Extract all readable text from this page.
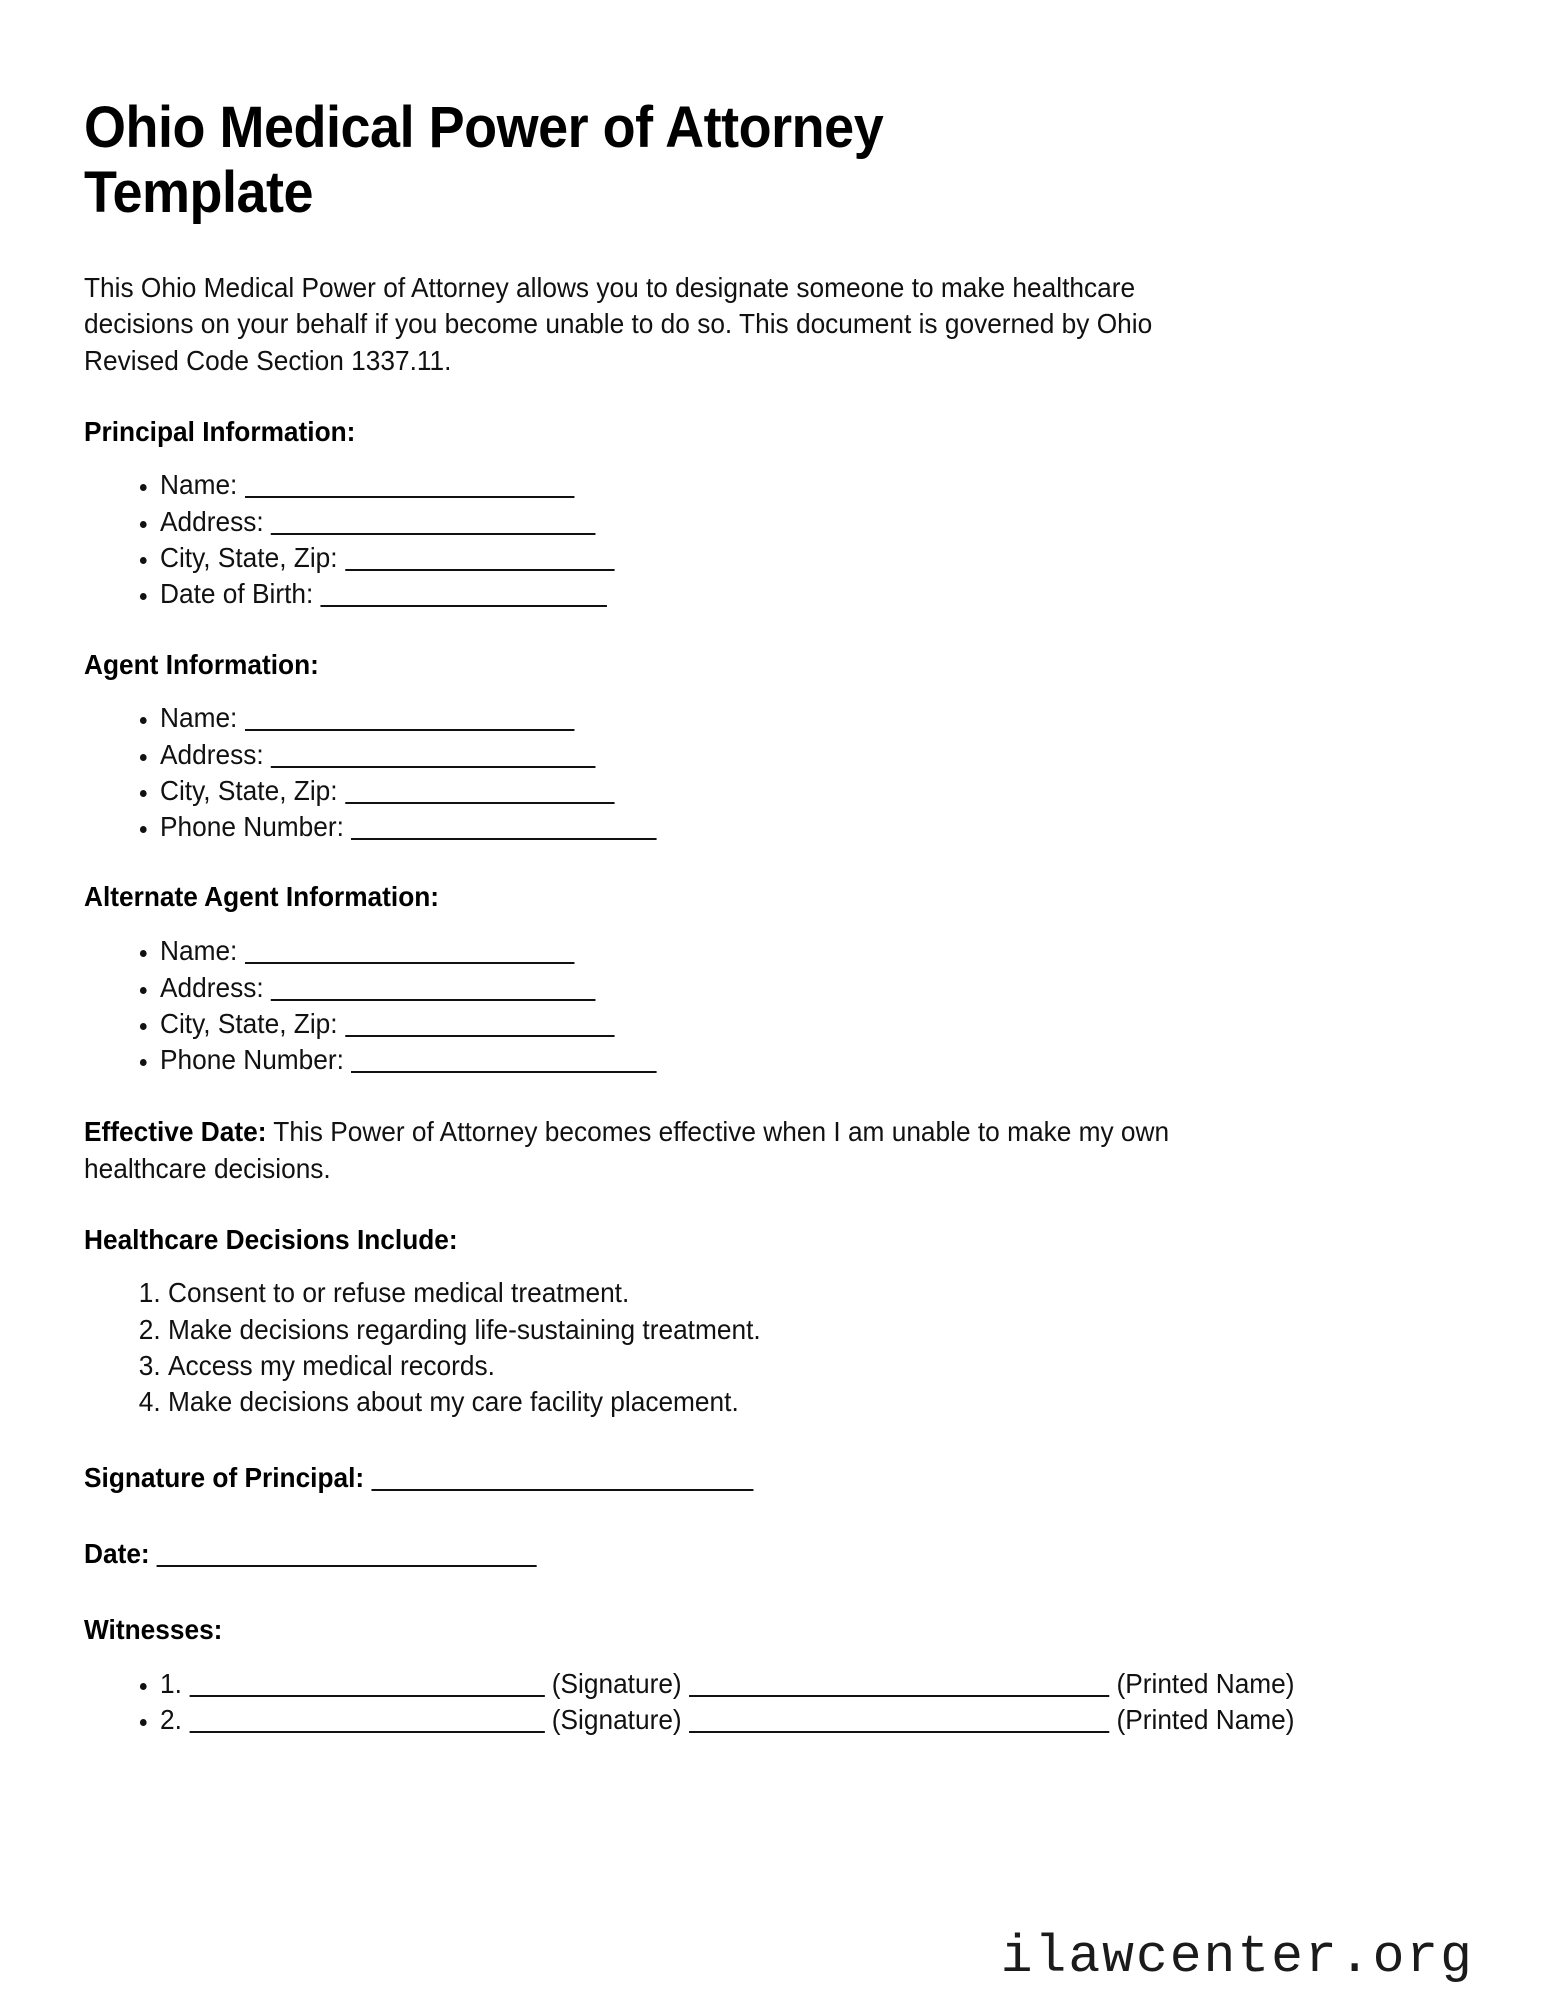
Ohio Medical Power of Attorney Template

This Ohio Medical Power of Attorney allows you to designate someone to make healthcare decisions on your behalf if you become unable to do so. This document is governed by Ohio Revised Code Section 1337.11.

Principal Information:
• Name:
• Address:
• City, State, Zip:
• Date of Birth:
Agent Information:
• Name:
• Address:
• City, State, Zip:
• Phone Number:
Alternate Agent Information:
• Name:
• Address:
• City, State, Zip:
• Phone Number:

Effective Date: This Power of Attorney becomes effective when I am unable to make my own healthcare decisions.

Healthcare Decisions Include:
1. Consent to or refuse medical treatment.
2. Make decisions regarding life-sustaining treatment.
3. Access my medical records.
4. Make decisions about my care facility placement.

Signature of Principal:

Date:

Witnesses:
• 1.	(Signature)	(Printed Name)
• 2.	(Signature)	(Printed Name)
ilawcenter.org
